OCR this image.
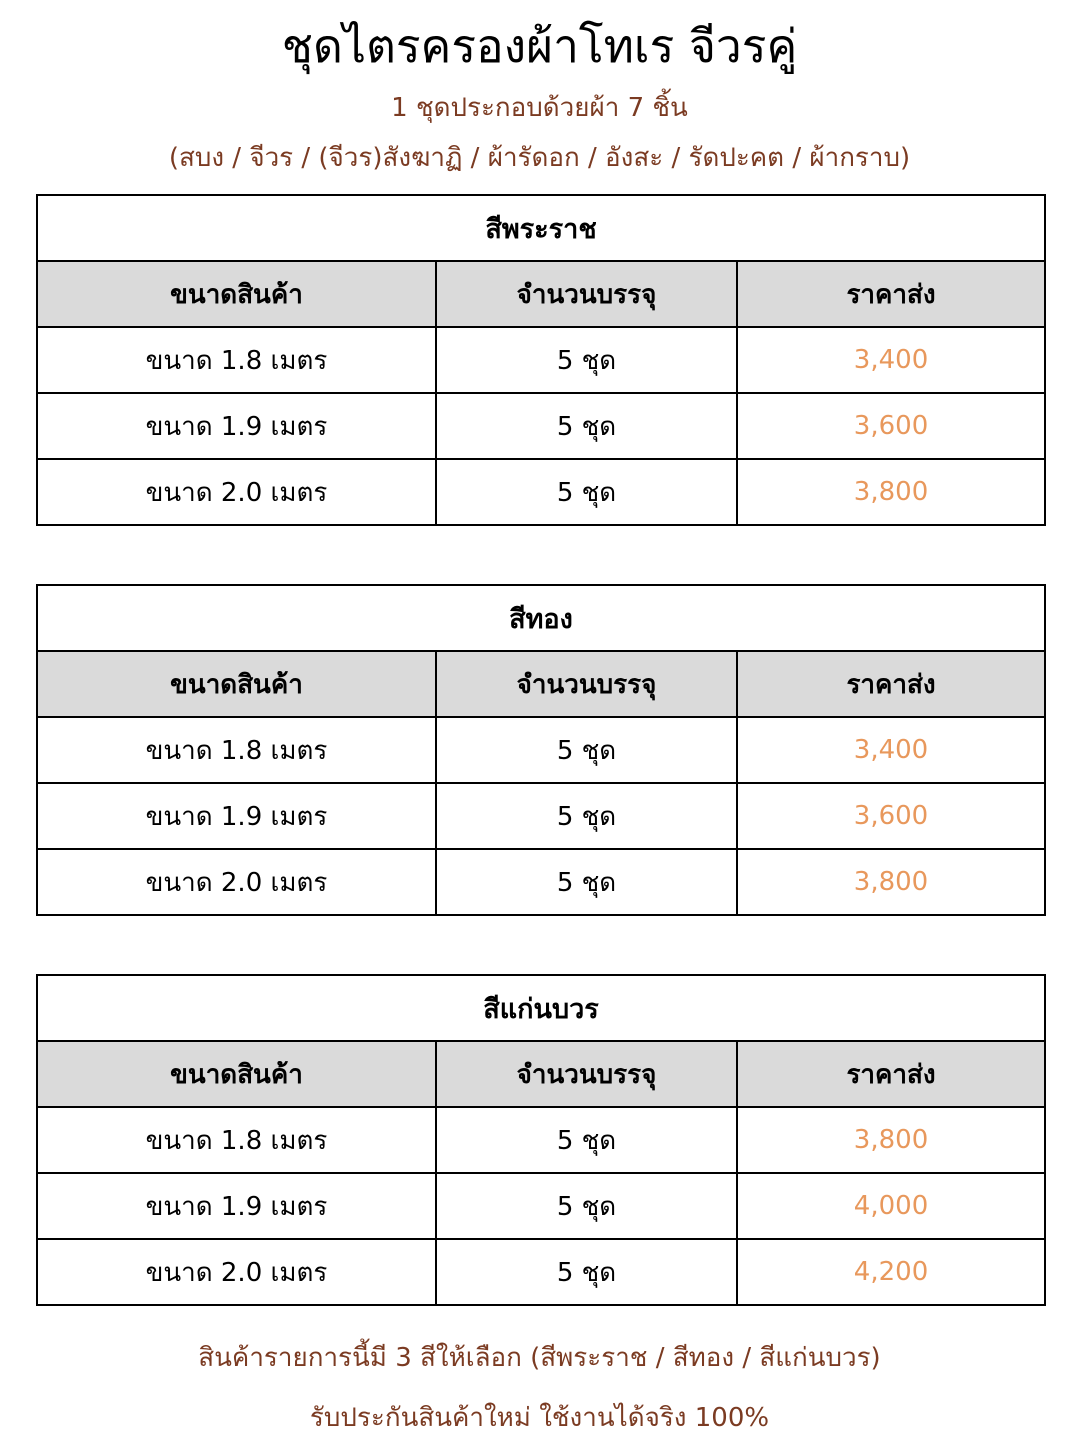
ชุดไตรครองผ้าโทเร จีวรคู่
1 ชุดประกอบด้วยผ้า 7 ชิ้น
(สบง / จีวร / (จีวร)สังฆาฏิ / ผ้ารัดอก / อังสะ / รัดปะคต / ผ้ากราบ)
สีพระราช		
ขนาดสินค้า	จำนวนบรรจุ	ราคาส่ง
ขนาด 1.8 เมตร	5 ชุด	3,400
ขนาด 1.9 เมตร	5 ชุด	3,600
ขนาด 2.0 เมตร	5 ชุด	3,800
สีทอง		
ขนาดสินค้า	จำนวนบรรจุ	ราคาส่ง
ขนาด 1.8 เมตร	5 ชุด	3,400
ขนาด 1.9 เมตร	5 ชุด	3,600
ขนาด 2.0 เมตร	5 ชุด	3,800
สีแก่นบวร		
ขนาดสินค้า	จำนวนบรรจุ	ราคาส่ง
ขนาด 1.8 เมตร	5 ชุด	3,800
ขนาด 1.9 เมตร	5 ชุด	4,000
ขนาด 2.0 เมตร	5 ชุด	4,200
สินค้ารายการนี้มี 3 สีให้เลือก (สีพระราช / สีทอง / สีแก่นบวร)
รับประกันสินค้าใหม่ ใช้งานได้จริง 100%
